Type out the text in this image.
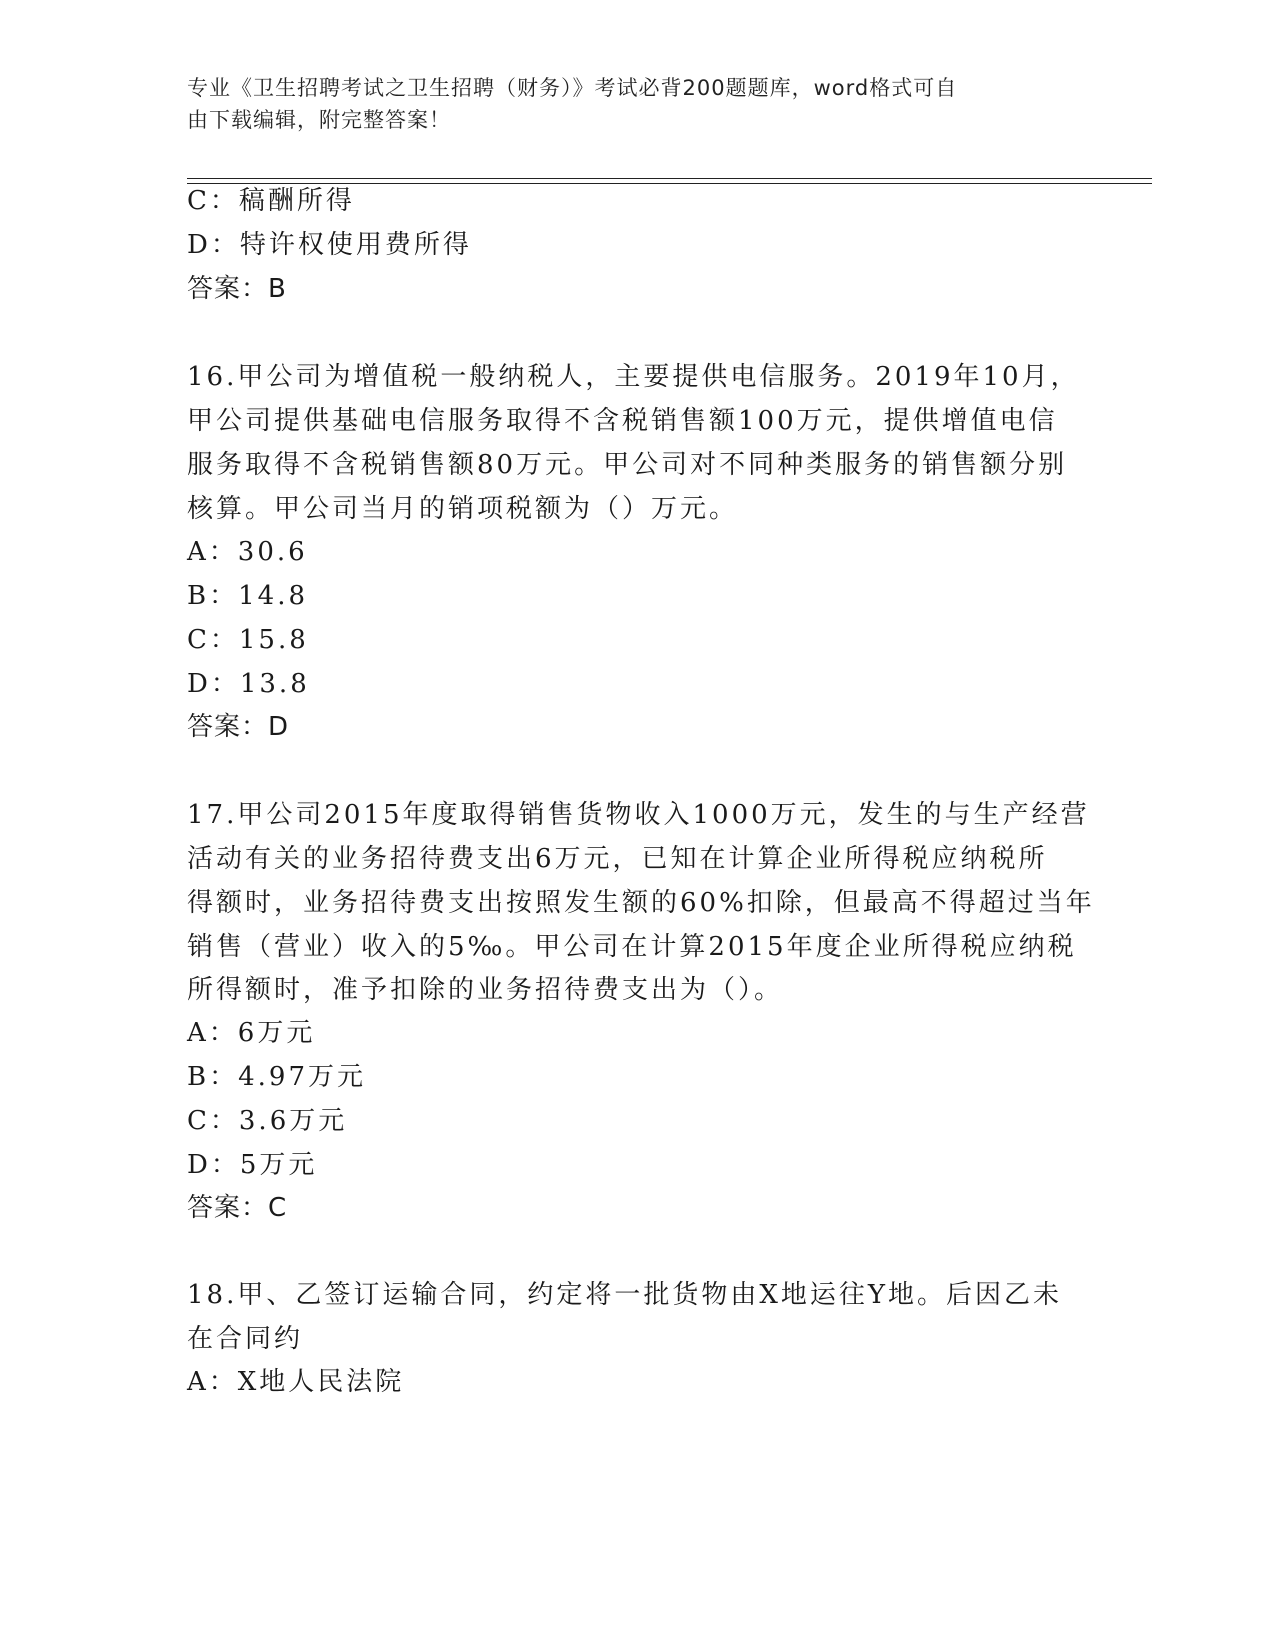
专业《卫生招聘考试之卫生招聘（财务）》考试必背200题题库，word格式可自
由下载编辑，附完整答案！
C：稿酬所得
D：特许权使用费所得
答案：B
16.甲公司为增值税一般纳税人，主要提供电信服务。2019年10月，
甲公司提供基础电信服务取得不含税销售额100万元，提供增值电信
服务取得不含税销售额80万元。甲公司对不同种类服务的销售额分别
核算。甲公司当月的销项税额为（）万元。
A：30.6
B：14.8
C：15.8
D：13.8
答案：D
17.甲公司2015年度取得销售货物收入1000万元，发生的与生产经营
活动有关的业务招待费支出6万元，已知在计算企业所得税应纳税所
得额时，业务招待费支出按照发生额的60%扣除，但最高不得超过当年
销售（营业）收入的5‰。甲公司在计算2015年度企业所得税应纳税
所得额时，准予扣除的业务招待费支出为（）。
A：6万元
B：4.97万元
C：3.6万元
D：5万元
答案：C
18.甲、乙签订运输合同，约定将一批货物由X地运往Y地。后因乙未
在合同约
A：X地人民法院
